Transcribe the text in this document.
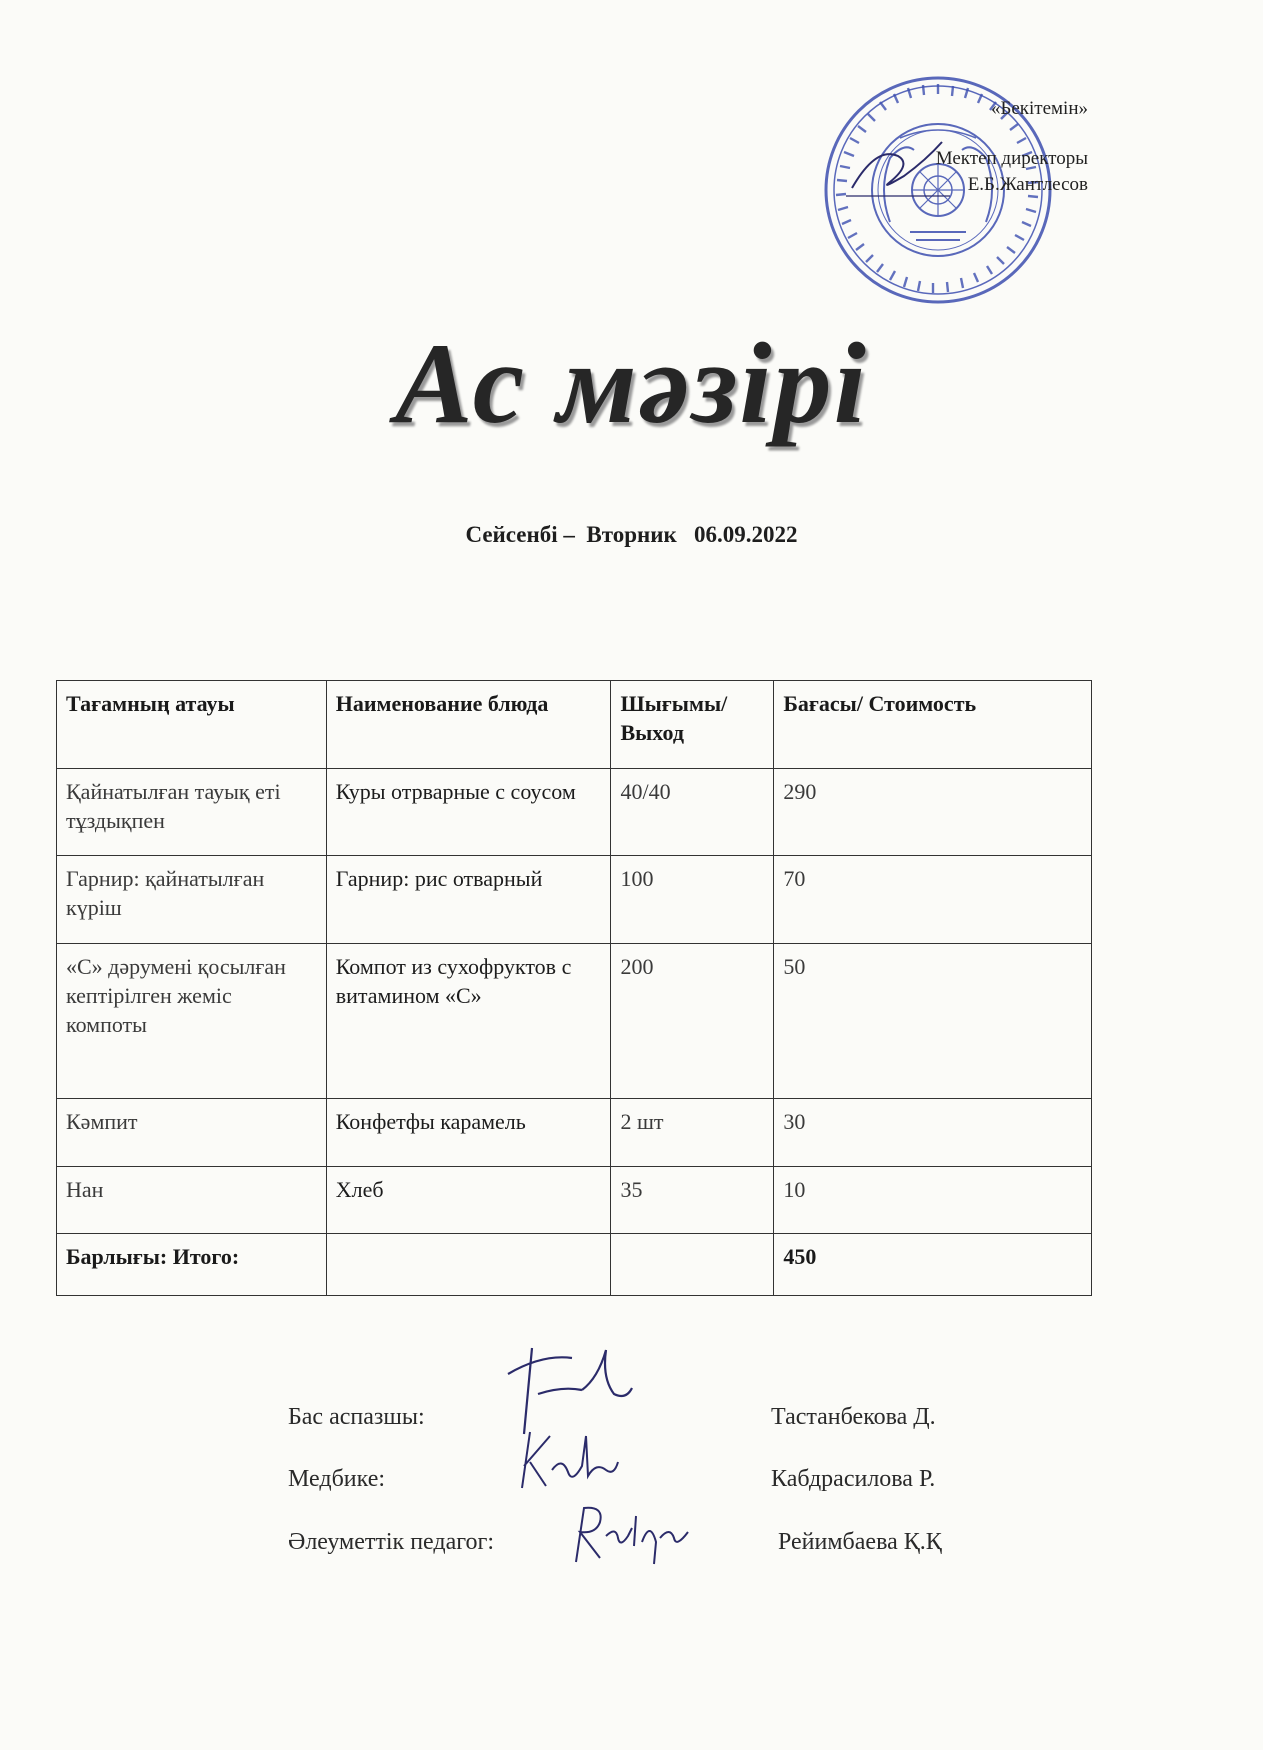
«Бекітемін»
Мектеп директоры
Е.Б.Жантлесов
Ас мәзірі
Сейсенбі –  Вторник   06.09.2022
Тағамның атауы	Наименование блюда	Шығымы/ Выход	Бағасы/ Стоимость
Қайнатылған тауық еті тұздықпен	Куры отрварные с соусом	40/40	290
Гарнир: қайнатылған күріш	Гарнир: рис отварный	100	70
«С» дәрумені қосылған кептірілген жеміс компоты	Компот из сухофруктов с витамином «С»	200	50
Кәмпит	Конфетфы карамель	2 шт	30
Нан	Хлеб	35	10
Барлығы: Итого:			450
Бас аспазшы:	Тастанбекова Д.
Медбике:	Кабдрасилова Р.
Әлеуметтік педагог:	Рейимбаева Қ.Қ
